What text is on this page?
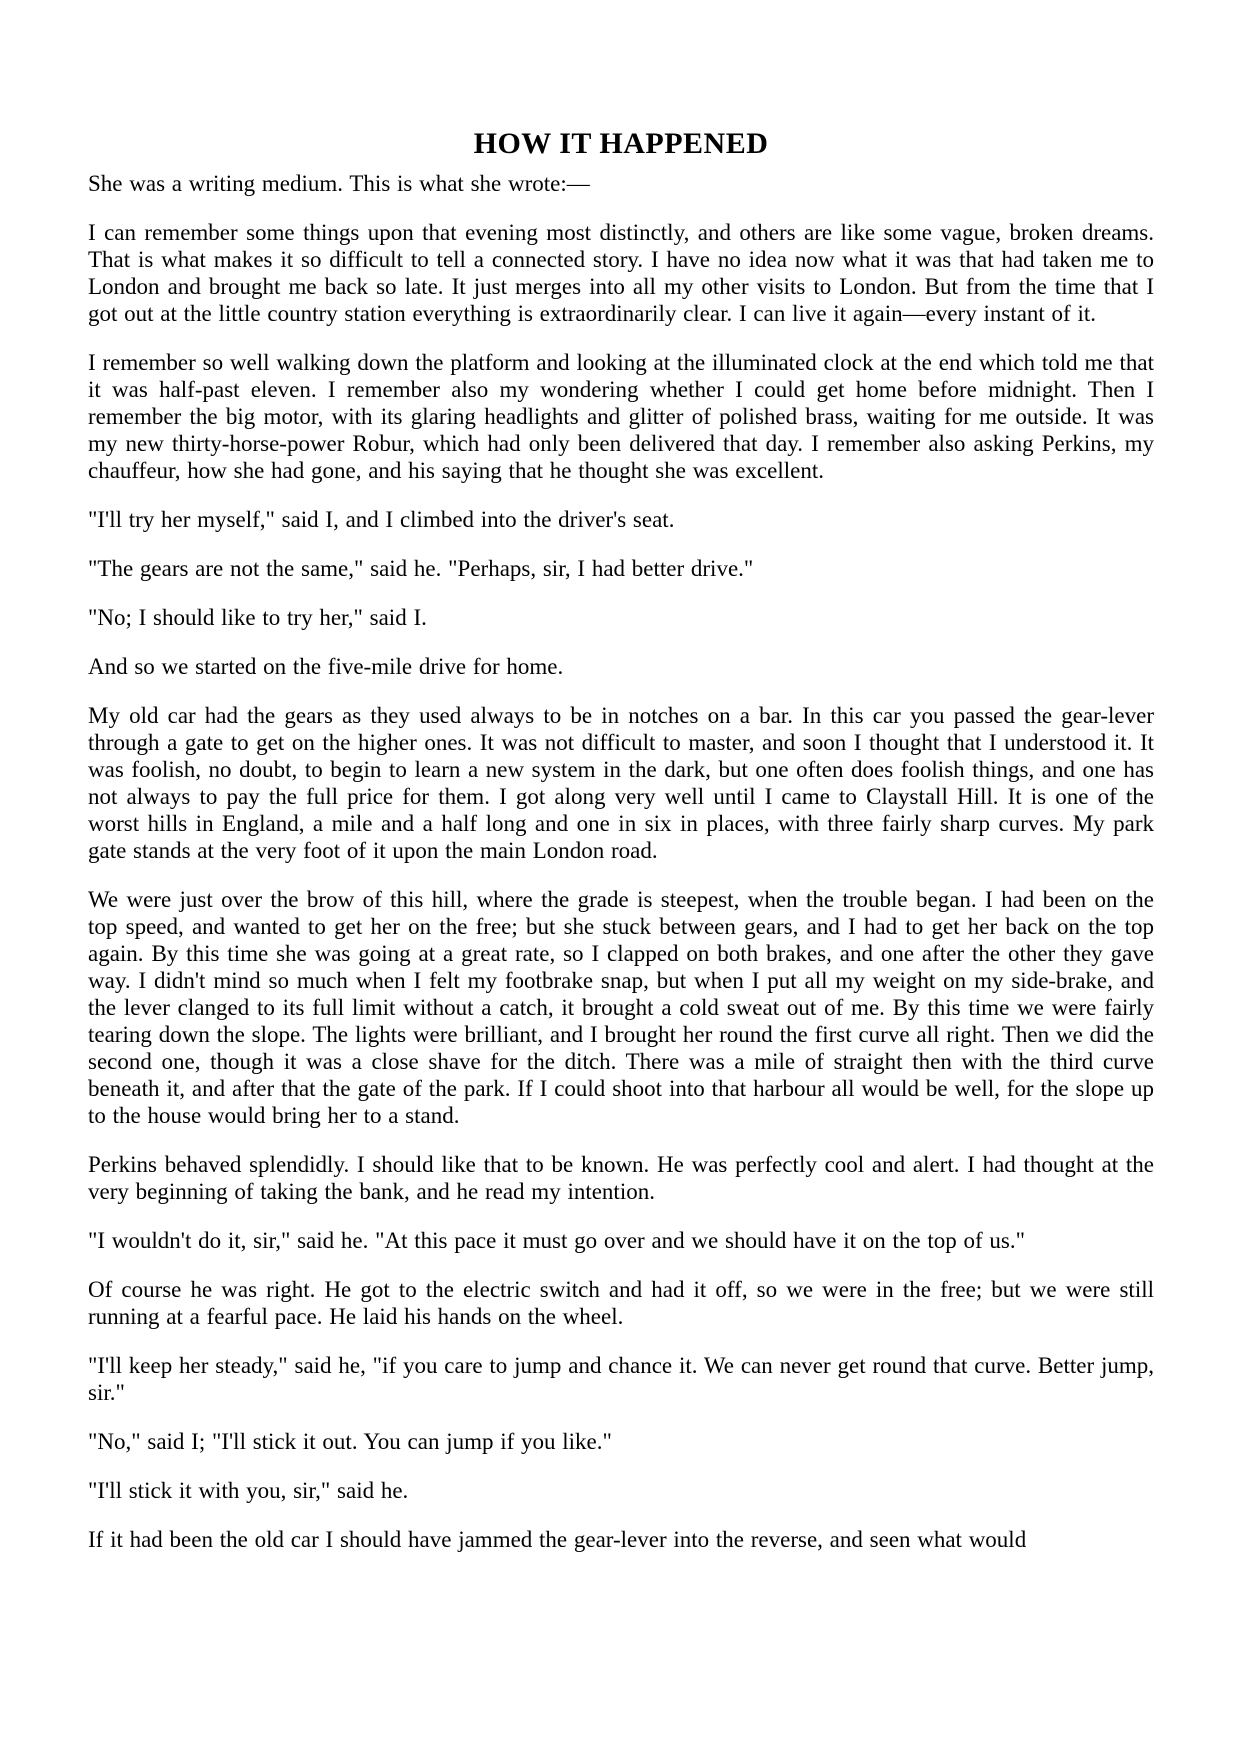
HOW IT HAPPENED

She was a writing medium. This is what she wrote:—

I can remember some things upon that evening most distinctly, and others are like some vague, broken dreams. That is what makes it so difficult to tell a connected story. I have no idea now what it was that had taken me to London and brought me back so late. It just merges into all my other visits to London. But from the time that I got out at the little country station everything is extraordinarily clear. I can live it again—every instant of it.

I remember so well walking down the platform and looking at the illuminated clock at the end which told me that it was half-past eleven. I remember also my wondering whether I could get home before midnight. Then I remember the big motor, with its glaring headlights and glitter of polished brass, waiting for me outside. It was my new thirty-horse-power Robur, which had only been delivered that day. I remember also asking Perkins, my chauffeur, how she had gone, and his saying that he thought she was excellent.

"I'll try her myself," said I, and I climbed into the driver's seat.

"The gears are not the same," said he. "Perhaps, sir, I had better drive."

"No; I should like to try her," said I.

And so we started on the five-mile drive for home.

My old car had the gears as they used always to be in notches on a bar. In this car you passed the gear-lever through a gate to get on the higher ones. It was not difficult to master, and soon I thought that I understood it. It was foolish, no doubt, to begin to learn a new system in the dark, but one often does foolish things, and one has not always to pay the full price for them. I got along very well until I came to Claystall Hill. It is one of the worst hills in England, a mile and a half long and one in six in places, with three fairly sharp curves. My park gate stands at the very foot of it upon the main London road.

We were just over the brow of this hill, where the grade is steepest, when the trouble began. I had been on the top speed, and wanted to get her on the free; but she stuck between gears, and I had to get her back on the top again. By this time she was going at a great rate, so I clapped on both brakes, and one after the other they gave way. I didn't mind so much when I felt my footbrake snap, but when I put all my weight on my side-brake, and the lever clanged to its full limit without a catch, it brought a cold sweat out of me. By this time we were fairly tearing down the slope. The lights were brilliant, and I brought her round the first curve all right. Then we did the second one, though it was a close shave for the ditch. There was a mile of straight then with the third curve beneath it, and after that the gate of the park. If I could shoot into that harbour all would be well, for the slope up to the house would bring her to a stand.

Perkins behaved splendidly. I should like that to be known. He was perfectly cool and alert. I had thought at the very beginning of taking the bank, and he read my intention.

"I wouldn't do it, sir," said he. "At this pace it must go over and we should have it on the top of us."

Of course he was right. He got to the electric switch and had it off, so we were in the free; but we were still running at a fearful pace. He laid his hands on the wheel.

"I'll keep her steady," said he, "if you care to jump and chance it. We can never get round that curve. Better jump, sir."

"No," said I; "I'll stick it out. You can jump if you like."

"I'll stick it with you, sir," said he.

If it had been the old car I should have jammed the gear-lever into the reverse, and seen what would
